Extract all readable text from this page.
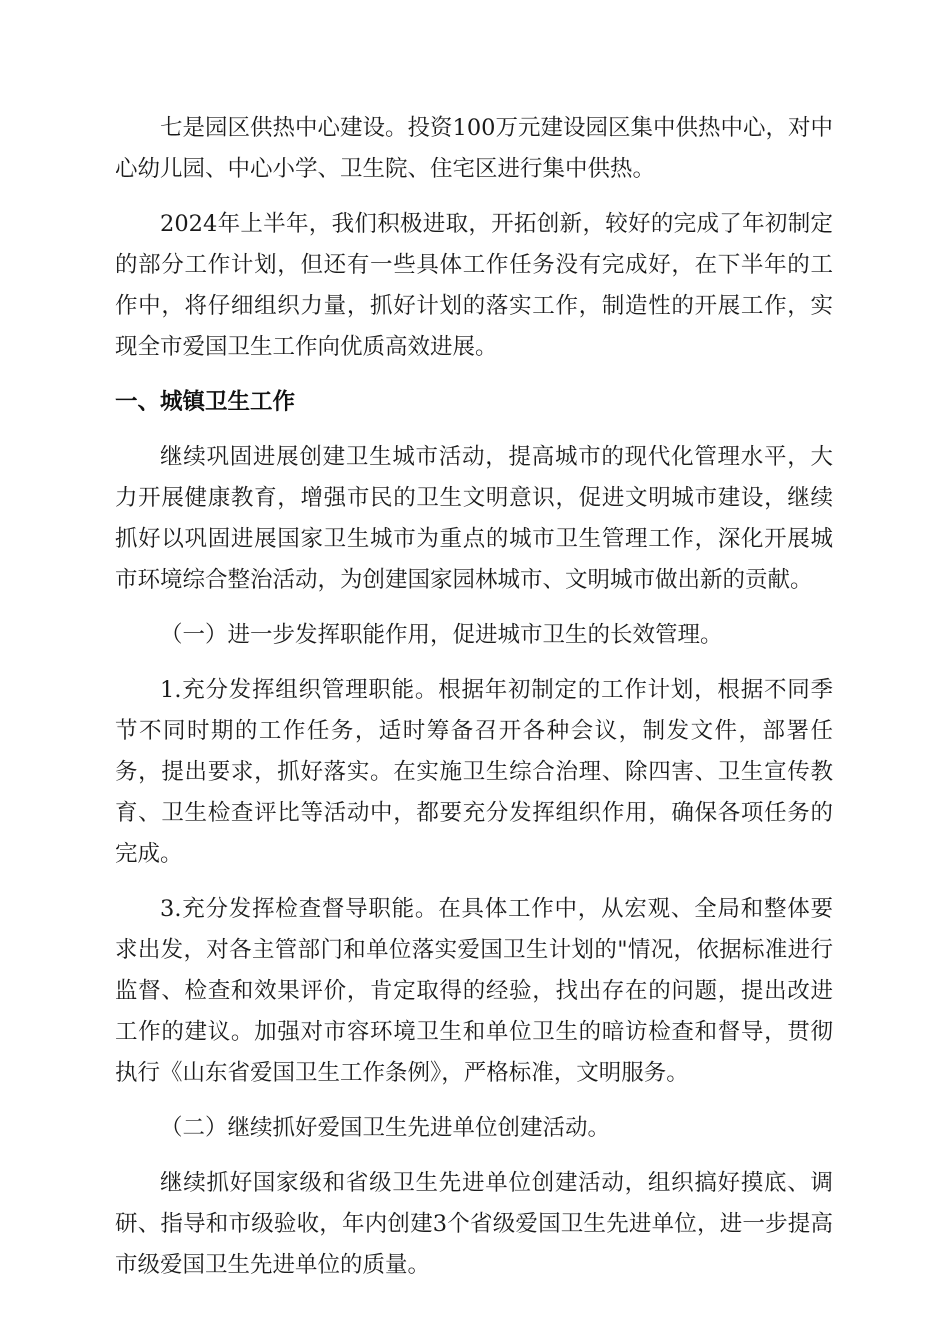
七是园区供热中心建设。投资100万元建设园区集中供热中心，对中心幼儿园、中心小学、卫生院、住宅区进行集中供热。

2024年上半年，我们积极进取，开拓创新，较好的完成了年初制定的部分工作计划，但还有一些具体工作任务没有完成好，在下半年的工作中，将仔细组织力量，抓好计划的落实工作，制造性的开展工作，实现全市爱国卫生工作向优质高效进展。

一、城镇卫生工作

继续巩固进展创建卫生城市活动，提高城市的现代化管理水平，大力开展健康教育，增强市民的卫生文明意识，促进文明城市建设，继续抓好以巩固进展国家卫生城市为重点的城市卫生管理工作，深化开展城市环境综合整治活动，为创建国家园林城市、文明城市做出新的贡献。

（一）进一步发挥职能作用，促进城市卫生的长效管理。

1.充分发挥组织管理职能。根据年初制定的工作计划，根据不同季节不同时期的工作任务，适时筹备召开各种会议，制发文件，部署任务，提出要求，抓好落实。在实施卫生综合治理、除四害、卫生宣传教育、卫生检查评比等活动中，都要充分发挥组织作用，确保各项任务的完成。

3.充分发挥检查督导职能。在具体工作中，从宏观、全局和整体要求出发，对各主管部门和单位落实爱国卫生计划的"情况，依据标准进行监督、检查和效果评价，肯定取得的经验，找出存在的问题，提出改进工作的建议。加强对市容环境卫生和单位卫生的暗访检查和督导，贯彻执行《山东省爱国卫生工作条例》，严格标准，文明服务。

（二）继续抓好爱国卫生先进单位创建活动。

继续抓好国家级和省级卫生先进单位创建活动，组织搞好摸底、调研、指导和市级验收，年内创建3个省级爱国卫生先进单位，进一步提高市级爱国卫生先进单位的质量。
